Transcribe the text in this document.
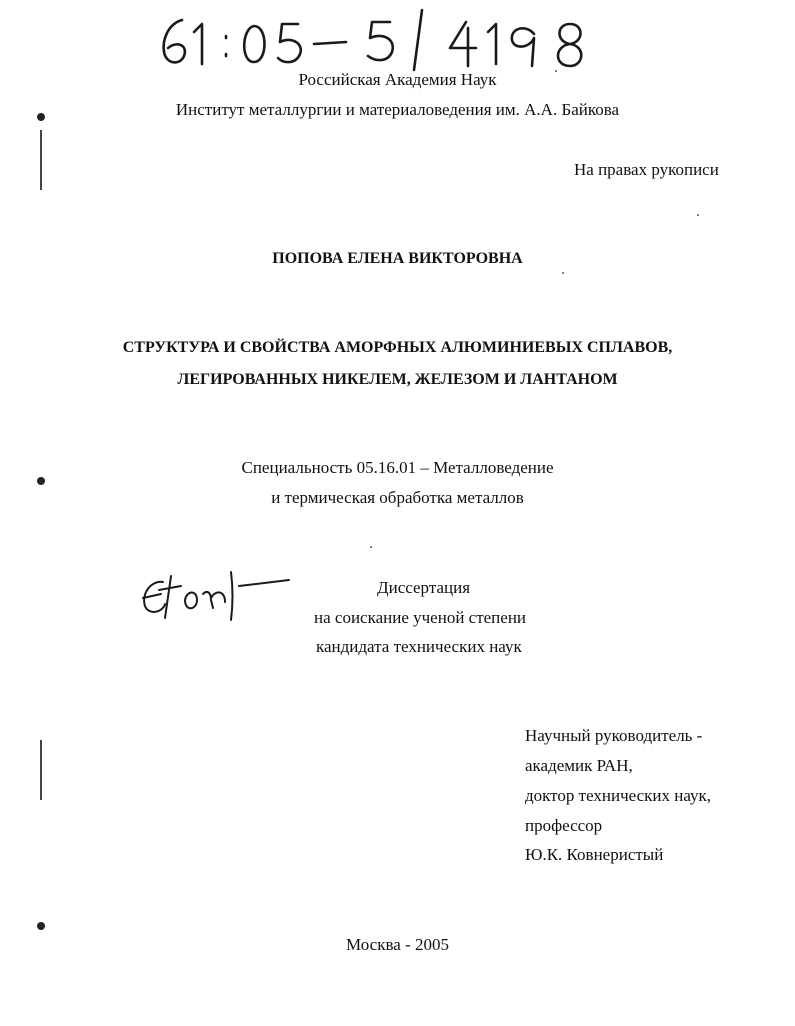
Российская Академия Наук
Институт металлургии и материаловедения им. А.А. Байкова
На правах рукописи
ПОПОВА ЕЛЕНА ВИКТОРОВНА
СТРУКТУРА И СВОЙСТВА АМОРФНЫХ АЛЮМИНИЕВЫХ СПЛАВОВ,
ЛЕГИРОВАННЫХ НИКЕЛЕМ, ЖЕЛЕЗОМ И ЛАНТАНОМ
Специальность 05.16.01 – Металловедение
и термическая обработка металлов
Диссертация
на соискание ученой степени
кандидата технических наук
Научный руководитель -
академик РАН,
доктор технических наук,
профессор
Ю.К. Ковнеристый
Москва - 2005
